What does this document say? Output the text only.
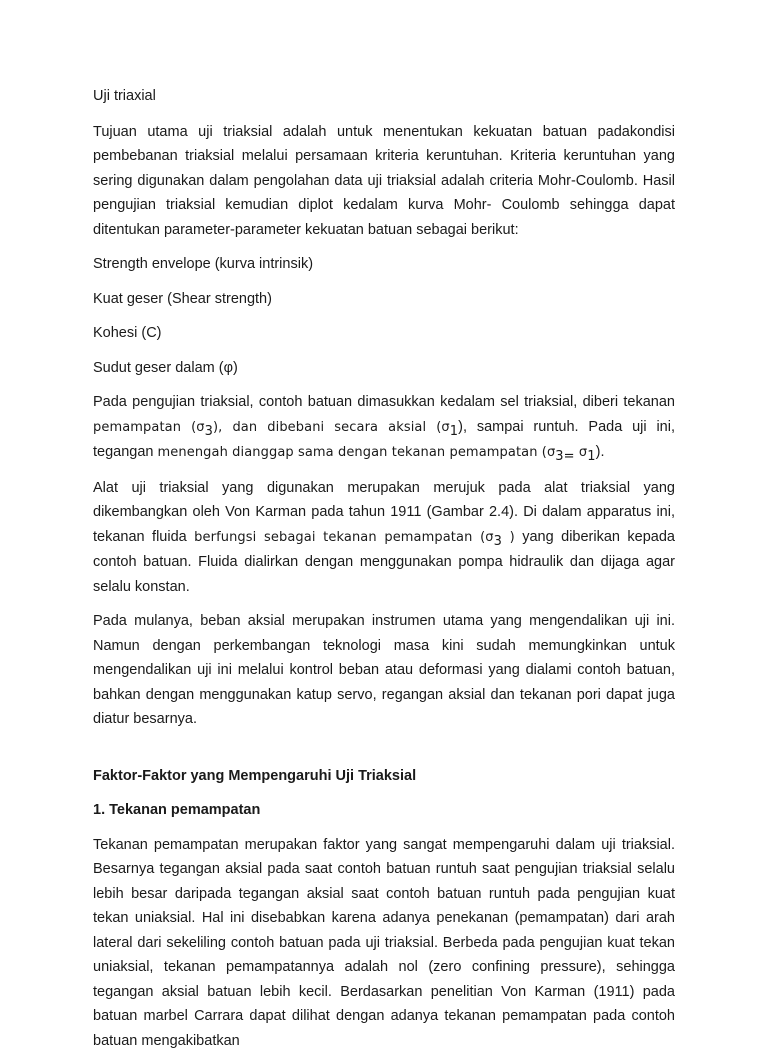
Uji triaxial

Tujuan utama uji triaksial adalah untuk menentukan kekuatan batuan padakondisi pembebanan triaksial melalui persamaan kriteria keruntuhan. Kriteria keruntuhan yang sering digunakan dalam pengolahan data uji triaksial adalah criteria Mohr-Coulomb. Hasil pengujian triaksial kemudian diplot kedalam kurva Mohr- Coulomb sehingga dapat ditentukan parameter-parameter kekuatan batuan sebagai berikut:

Strength envelope (kurva intrinsik)

Kuat geser (Shear strength)

Kohesi (C)

Sudut geser dalam (φ)

Pada pengujian triaksial, contoh batuan dimasukkan kedalam sel triaksial, diberi tekanan pemampatan $(\sigma_3)$, dan dibebani secara aksial $(\sigma_1)$, sampai runtuh. Pada uji ini, tegangan menengah dianggap sama dengan tekanan pemampatan ($\sigma_{3=}$ $\sigma_1$).

Alat uji triaksial yang digunakan merupakan merujuk pada alat triaksial yang dikembangkan oleh Von Karman pada tahun 1911 (Gambar 2.4). Di dalam apparatus ini, tekanan fluida berfungsi sebagai tekanan pemampatan ($\sigma_3$ ) yang diberikan kepada contoh batuan. Fluida dialirkan dengan menggunakan pompa hidraulik dan dijaga agar selalu konstan.

Pada mulanya, beban aksial merupakan instrumen utama yang mengendalikan uji ini. Namun dengan perkembangan teknologi masa kini sudah memungkinkan untuk mengendalikan uji ini melalui kontrol beban atau deformasi yang dialami contoh batuan, bahkan dengan menggunakan katup servo, regangan aksial dan tekanan pori dapat juga diatur besarnya.

Faktor-Faktor yang Mempengaruhi Uji Triaksial

1. Tekanan pemampatan

Tekanan pemampatan merupakan faktor yang sangat mempengaruhi dalam uji triaksial. Besarnya tegangan aksial pada saat contoh batuan runtuh saat pengujian triaksial selalu lebih besar daripada tegangan aksial saat contoh batuan runtuh pada pengujian kuat tekan uniaksial. Hal ini disebabkan karena adanya penekanan (pemampatan) dari arah lateral dari sekeliling contoh batuan pada uji triaksial. Berbeda pada pengujian kuat tekan uniaksial, tekanan pemampatannya adalah nol (zero confining pressure), sehingga tegangan aksial batuan lebih kecil. Berdasarkan penelitian Von Karman (1911) pada batuan marbel Carrara dapat dilihat dengan adanya tekanan pemampatan pada contoh batuan mengakibatkan
